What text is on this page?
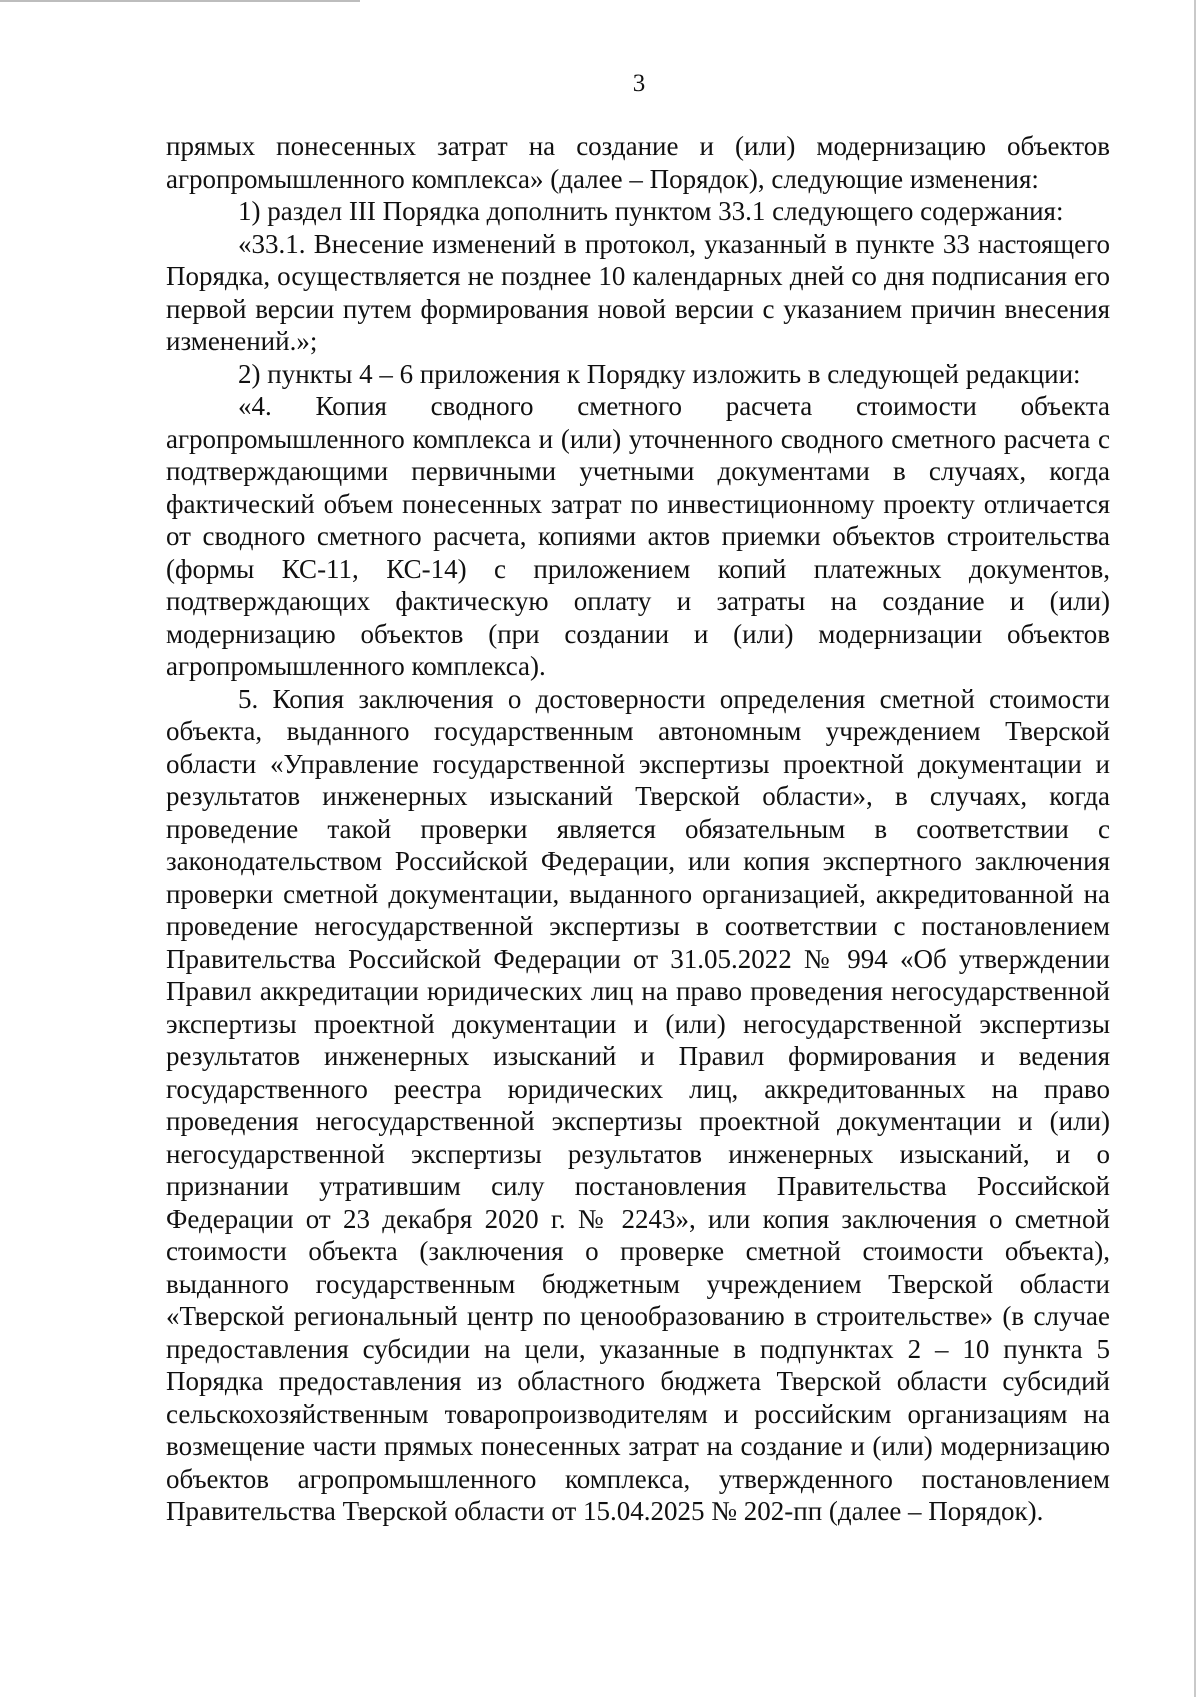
3

прямых понесенных затрат на создание и (или) модернизацию объектов агропромышленного комплекса» (далее – Порядок), следующие изменения:

1) раздел III Порядка дополнить пунктом 33.1 следующего содержания:

«33.1. Внесение изменений в протокол, указанный в пункте 33 настоящего Порядка, осуществляется не позднее 10 календарных дней со дня подписания его первой версии путем формирования новой версии с указанием причин внесения изменений.»;

2) пункты 4 – 6 приложения к Порядку изложить в следующей редакции:

«4. Копия сводного сметного расчета стоимости объекта агропромышленного комплекса и (или) уточненного сводного сметного расчета с подтверждающими первичными учетными документами в случаях, когда фактический объем понесенных затрат по инвестиционному проекту отличается от сводного сметного расчета, копиями актов приемки объектов строительства (формы КС-11, КС-14) с приложением копий платежных документов, подтверждающих фактическую оплату и затраты на создание и (или) модернизацию объектов (при создании и (или) модернизации объектов агропромышленного комплекса).

5. Копия заключения о достоверности определения сметной стоимости объекта, выданного государственным автономным учреждением Тверской области «Управление государственной экспертизы проектной документации и результатов инженерных изысканий Тверской области», в случаях, когда проведение такой проверки является обязательным в соответствии с законодательством Российской Федерации, или копия экспертного заключения проверки сметной документации, выданного организацией, аккредитованной на проведение негосударственной экспертизы в соответствии с постановлением Правительства Российской Федерации от 31.05.2022 № 994 «Об утверждении Правил аккредитации юридических лиц на право проведения негосударственной экспертизы проектной документации и (или) негосударственной экспертизы результатов инженерных изысканий и Правил формирования и ведения государственного реестра юридических лиц, аккредитованных на право проведения негосударственной экспертизы проектной документации и (или) негосударственной экспертизы результатов инженерных изысканий, и о признании утратившим силу постановления Правительства Российской Федерации от 23 декабря 2020 г. № 2243», или копия заключения о сметной стоимости объекта (заключения о проверке сметной стоимости объекта), выданного государственным бюджетным учреждением Тверской области «Тверской региональный центр по ценообразованию в строительстве» (в случае предоставления субсидии на цели, указанные в подпунктах 2 – 10 пункта 5 Порядка предоставления из областного бюджета Тверской области субсидий сельскохозяйственным товаропроизводителям и российским организациям на возмещение части прямых понесенных затрат на создание и (или) модернизацию объектов агропромышленного комплекса, утвержденного постановлением Правительства Тверской области от 15.04.2025 № 202-пп (далее – Порядок).
